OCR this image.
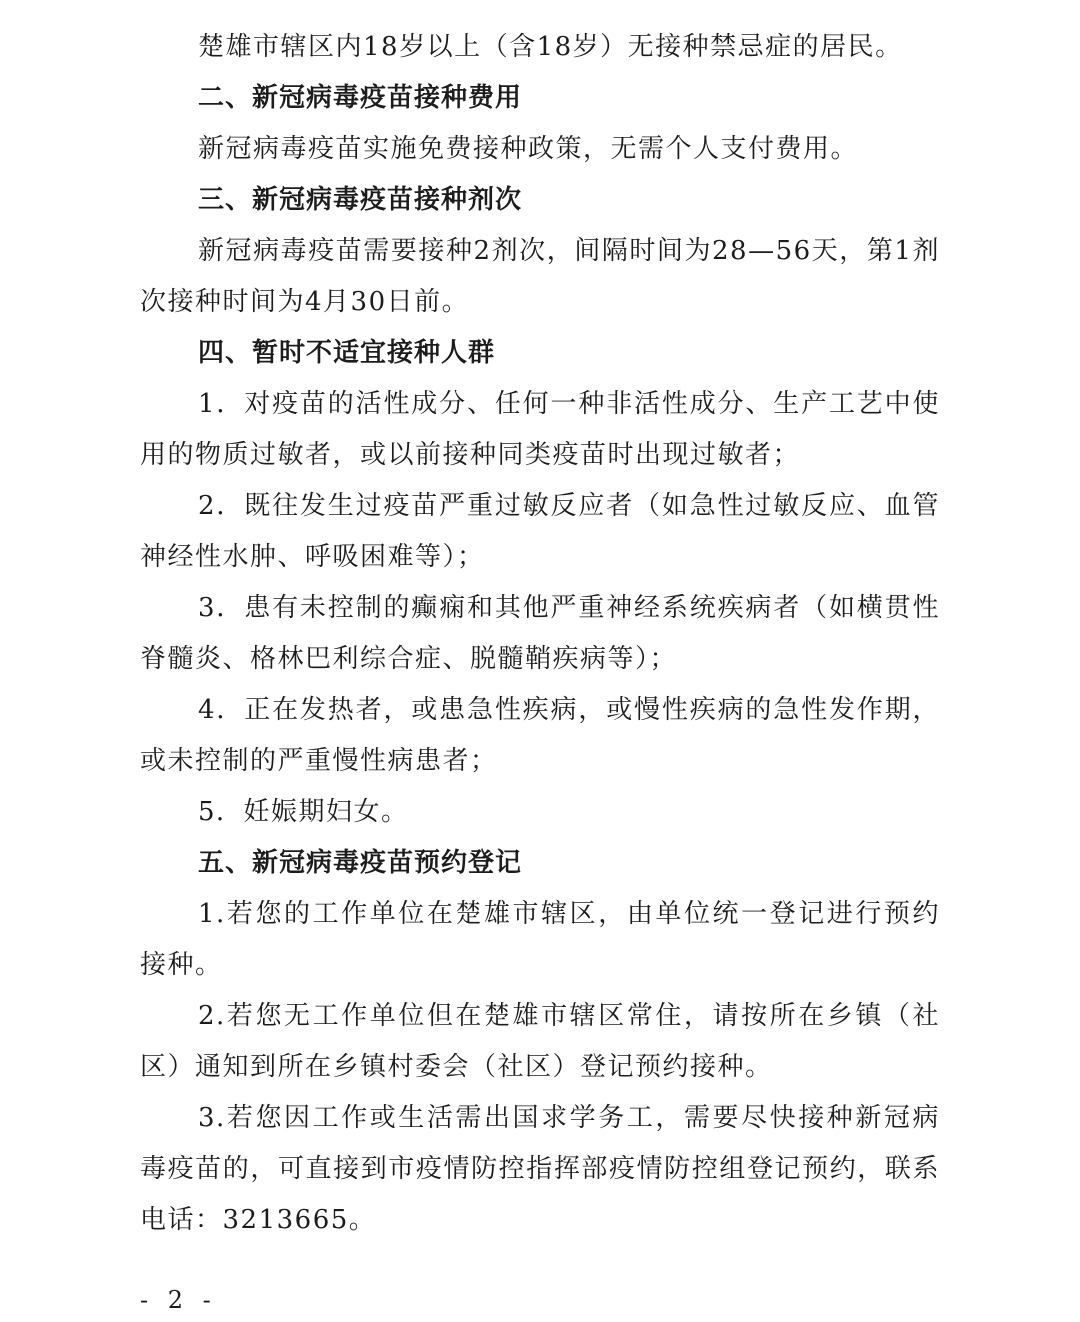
楚雄市辖区内18岁以上（含18岁）无接种禁忌症的居民。

二、新冠病毒疫苗接种费用

新冠病毒疫苗实施免费接种政策，无需个人支付费用。

三、新冠病毒疫苗接种剂次

新冠病毒疫苗需要接种2剂次，间隔时间为28—56天，第1剂次接种时间为4月30日前。

四、暂时不适宜接种人群

1．对疫苗的活性成分、任何一种非活性成分、生产工艺中使用的物质过敏者，或以前接种同类疫苗时出现过敏者；

2．既往发生过疫苗严重过敏反应者（如急性过敏反应、血管神经性水肿、呼吸困难等）；

3．患有未控制的癫痫和其他严重神经系统疾病者（如横贯性脊髓炎、格林巴利综合症、脱髓鞘疾病等）；

4．正在发热者，或患急性疾病，或慢性疾病的急性发作期，或未控制的严重慢性病患者；

5．妊娠期妇女。

五、新冠病毒疫苗预约登记

1.若您的工作单位在楚雄市辖区，由单位统一登记进行预约接种。

2.若您无工作单位但在楚雄市辖区常住，请按所在乡镇（社区）通知到所在乡镇村委会（社区）登记预约接种。

3.若您因工作或生活需出国求学务工，需要尽快接种新冠病毒疫苗的，可直接到市疫情防控指挥部疫情防控组登记预约，联系电话：3213665。

- 2 -
